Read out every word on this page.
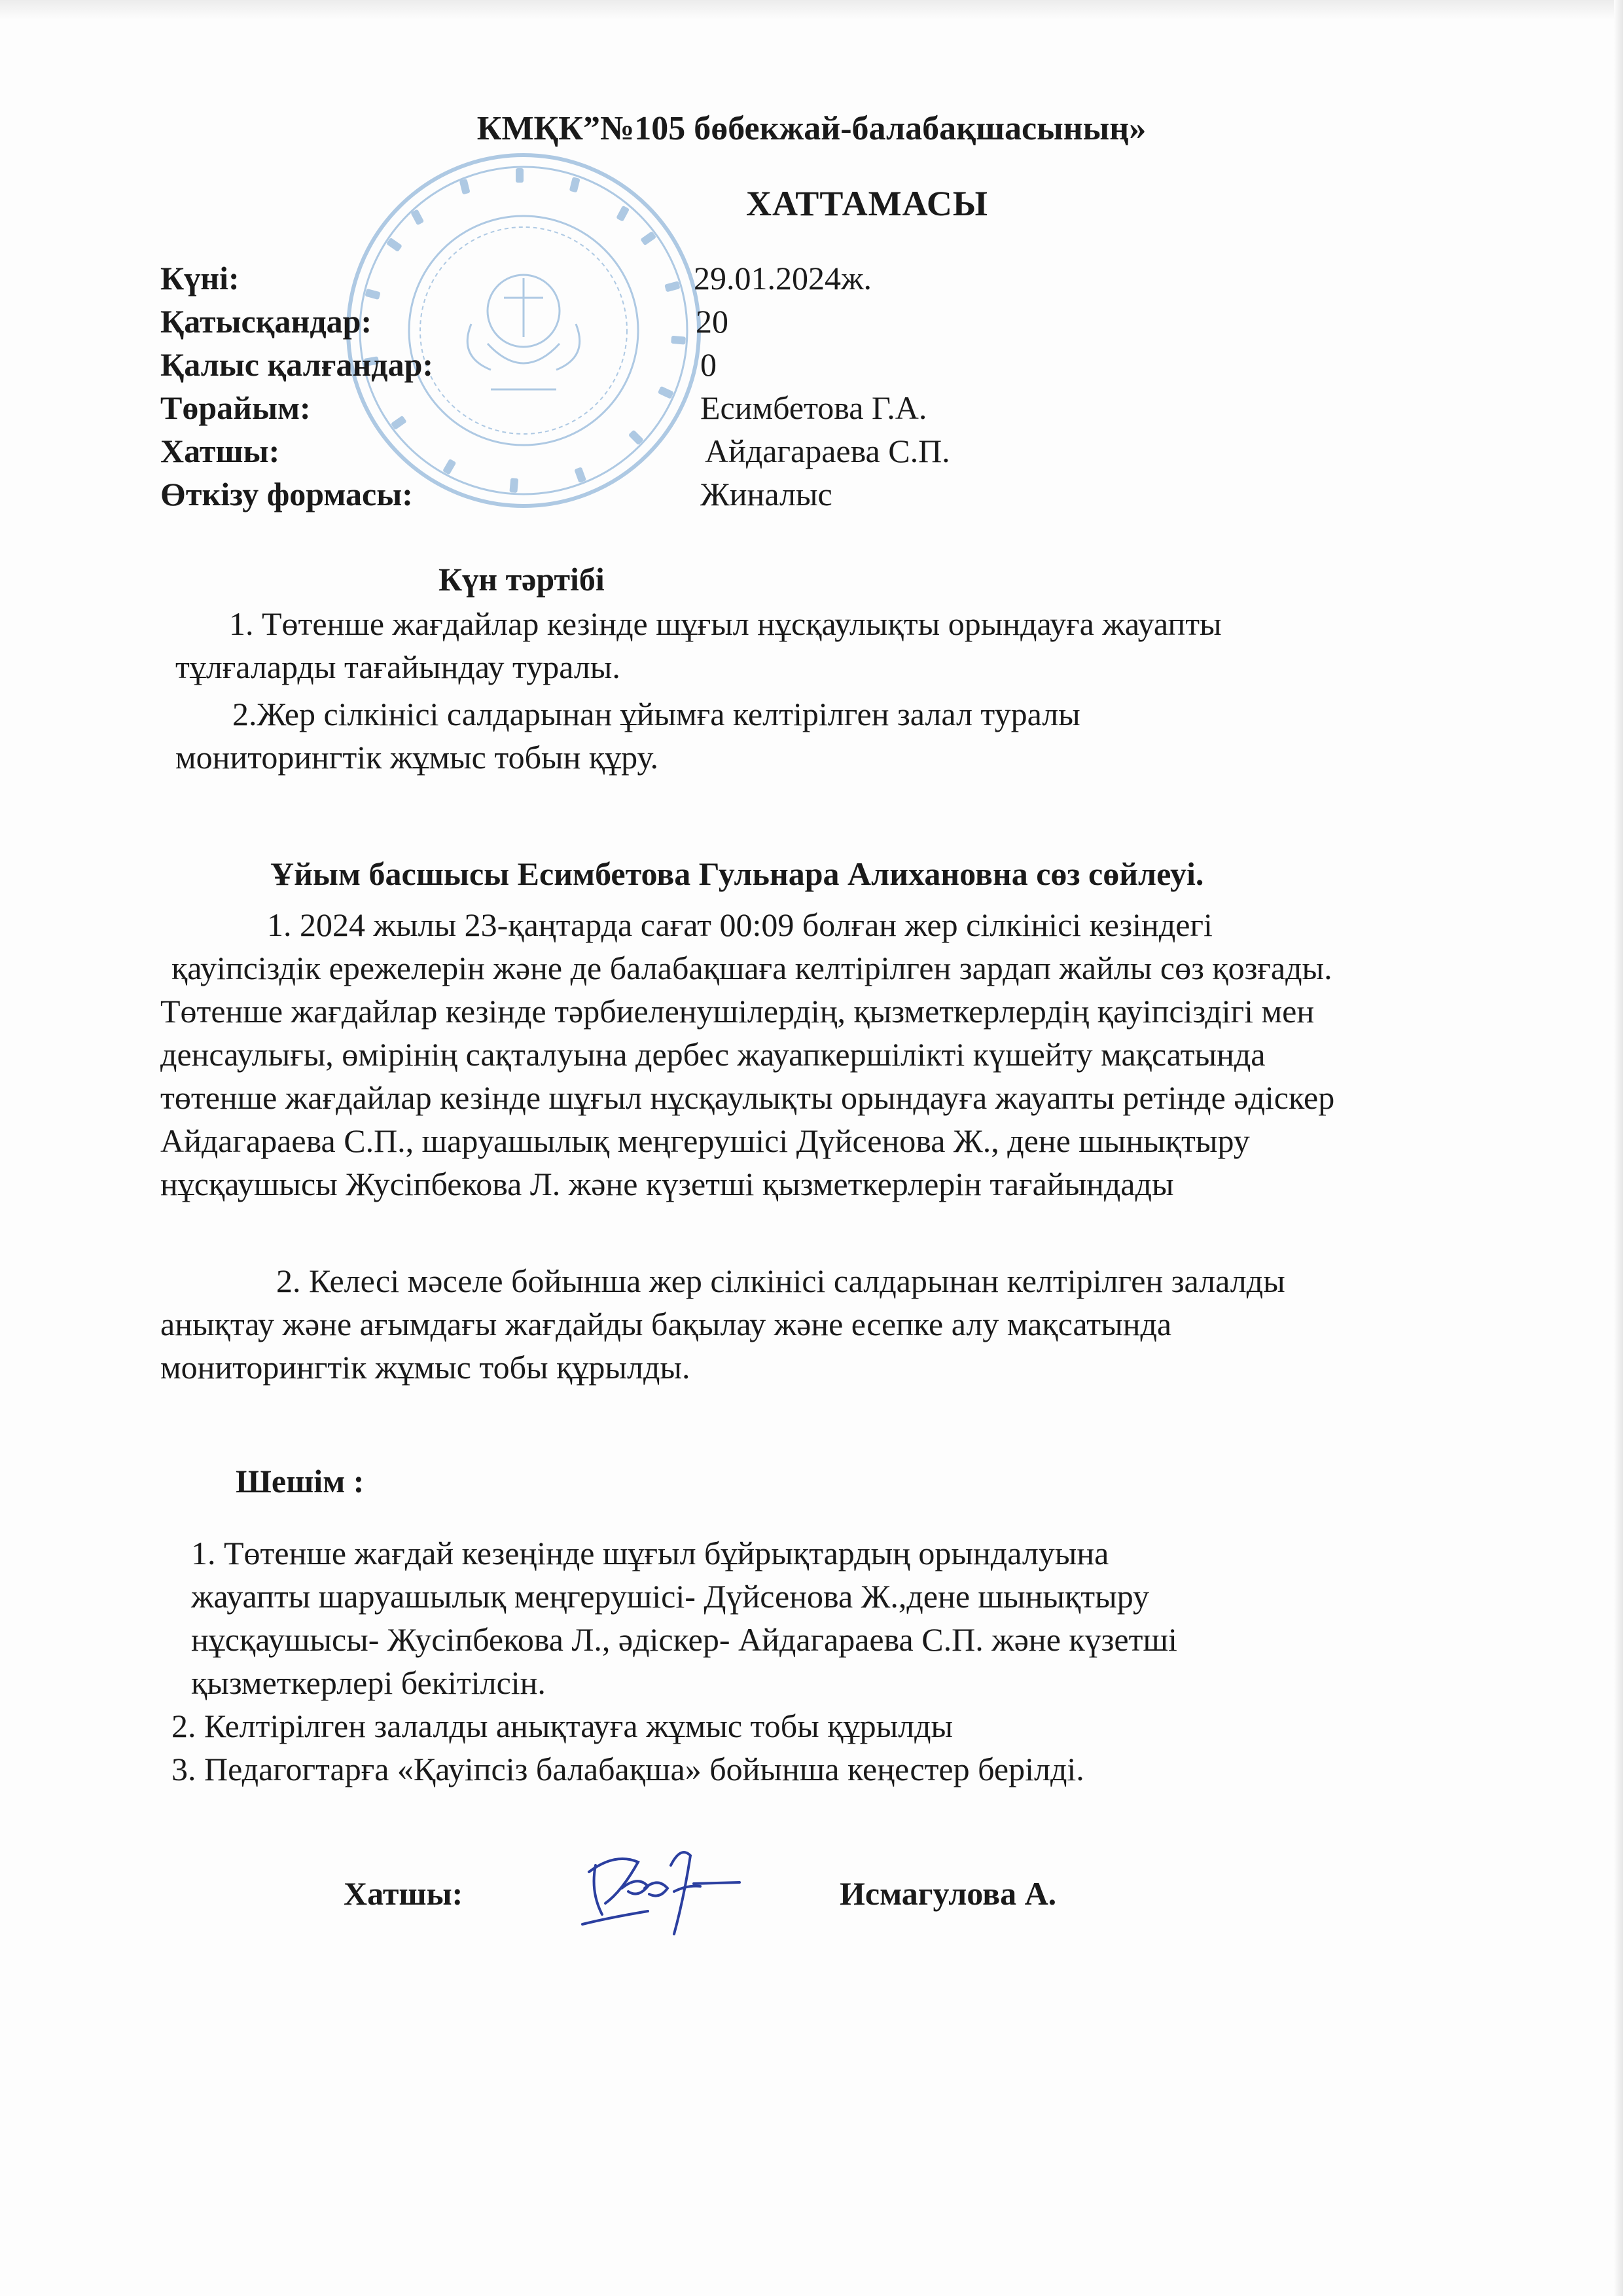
КМҚК”№105 бөбекжай-балабақшасының»
ХАТТАМАСЫ
Күні:	29.01.2024ж.
Қатысқандар:	20
Қалыс қалғандар:	0
Төрайым:	Есимбетова Г.А.
Хатшы:	Айдагараева С.П.
Өткізу формасы:	Жиналыс
Күн тәртібі
1. Төтенше жағдайлар кезінде шұғыл нұсқаулықты орындауға жауапты
тұлғаларды тағайындау туралы.
2.Жер сілкінісі салдарынан ұйымға келтірілген залал туралы
мониторингтік жұмыс тобын құру.
Ұйым басшысы Есимбетова Гульнара Алихановна сөз сөйлеуі.
1. 2024 жылы 23-қаңтарда сағат 00:09 болған жер сілкінісі кезіндегі
қауіпсіздік ережелерін және де балабақшаға келтірілген зардап жайлы сөз қозғады.
Төтенше жағдайлар кезінде тәрбиеленушілердің, қызметкерлердің қауіпсіздігі мен
денсаулығы, өмірінің сақталуына дербес жауапкершілікті күшейту мақсатында
төтенше жағдайлар кезінде шұғыл нұсқаулықты орындауға жауапты ретінде әдіскер
Айдагараева С.П., шаруашылық меңгерушісі Дүйсенова Ж., дене шынықтыру
нұсқаушысы Жусіпбекова Л. және күзетші қызметкерлерін тағайындады
2. Келесі мәселе бойынша жер сілкінісі салдарынан келтірілген залалды
анықтау және ағымдағы жағдайды бақылау және есепке алу мақсатында
мониторингтік жұмыс тобы құрылды.
Шешім :
1. Төтенше жағдай кезеңінде шұғыл бұйрықтардың орындалуына
жауапты шаруашылық меңгерушісі- Дүйсенова Ж.,дене шынықтыру
нұсқаушысы- Жусіпбекова Л., әдіскер- Айдагараева С.П. және күзетші
қызметкерлері бекітілсін.
2. Келтірілген залалды анықтауға жұмыс тобы құрылды
3. Педагогтарға «Қауіпсіз балабақша» бойынша кеңестер берілді.
Хатшы:	Исмагулова А.
